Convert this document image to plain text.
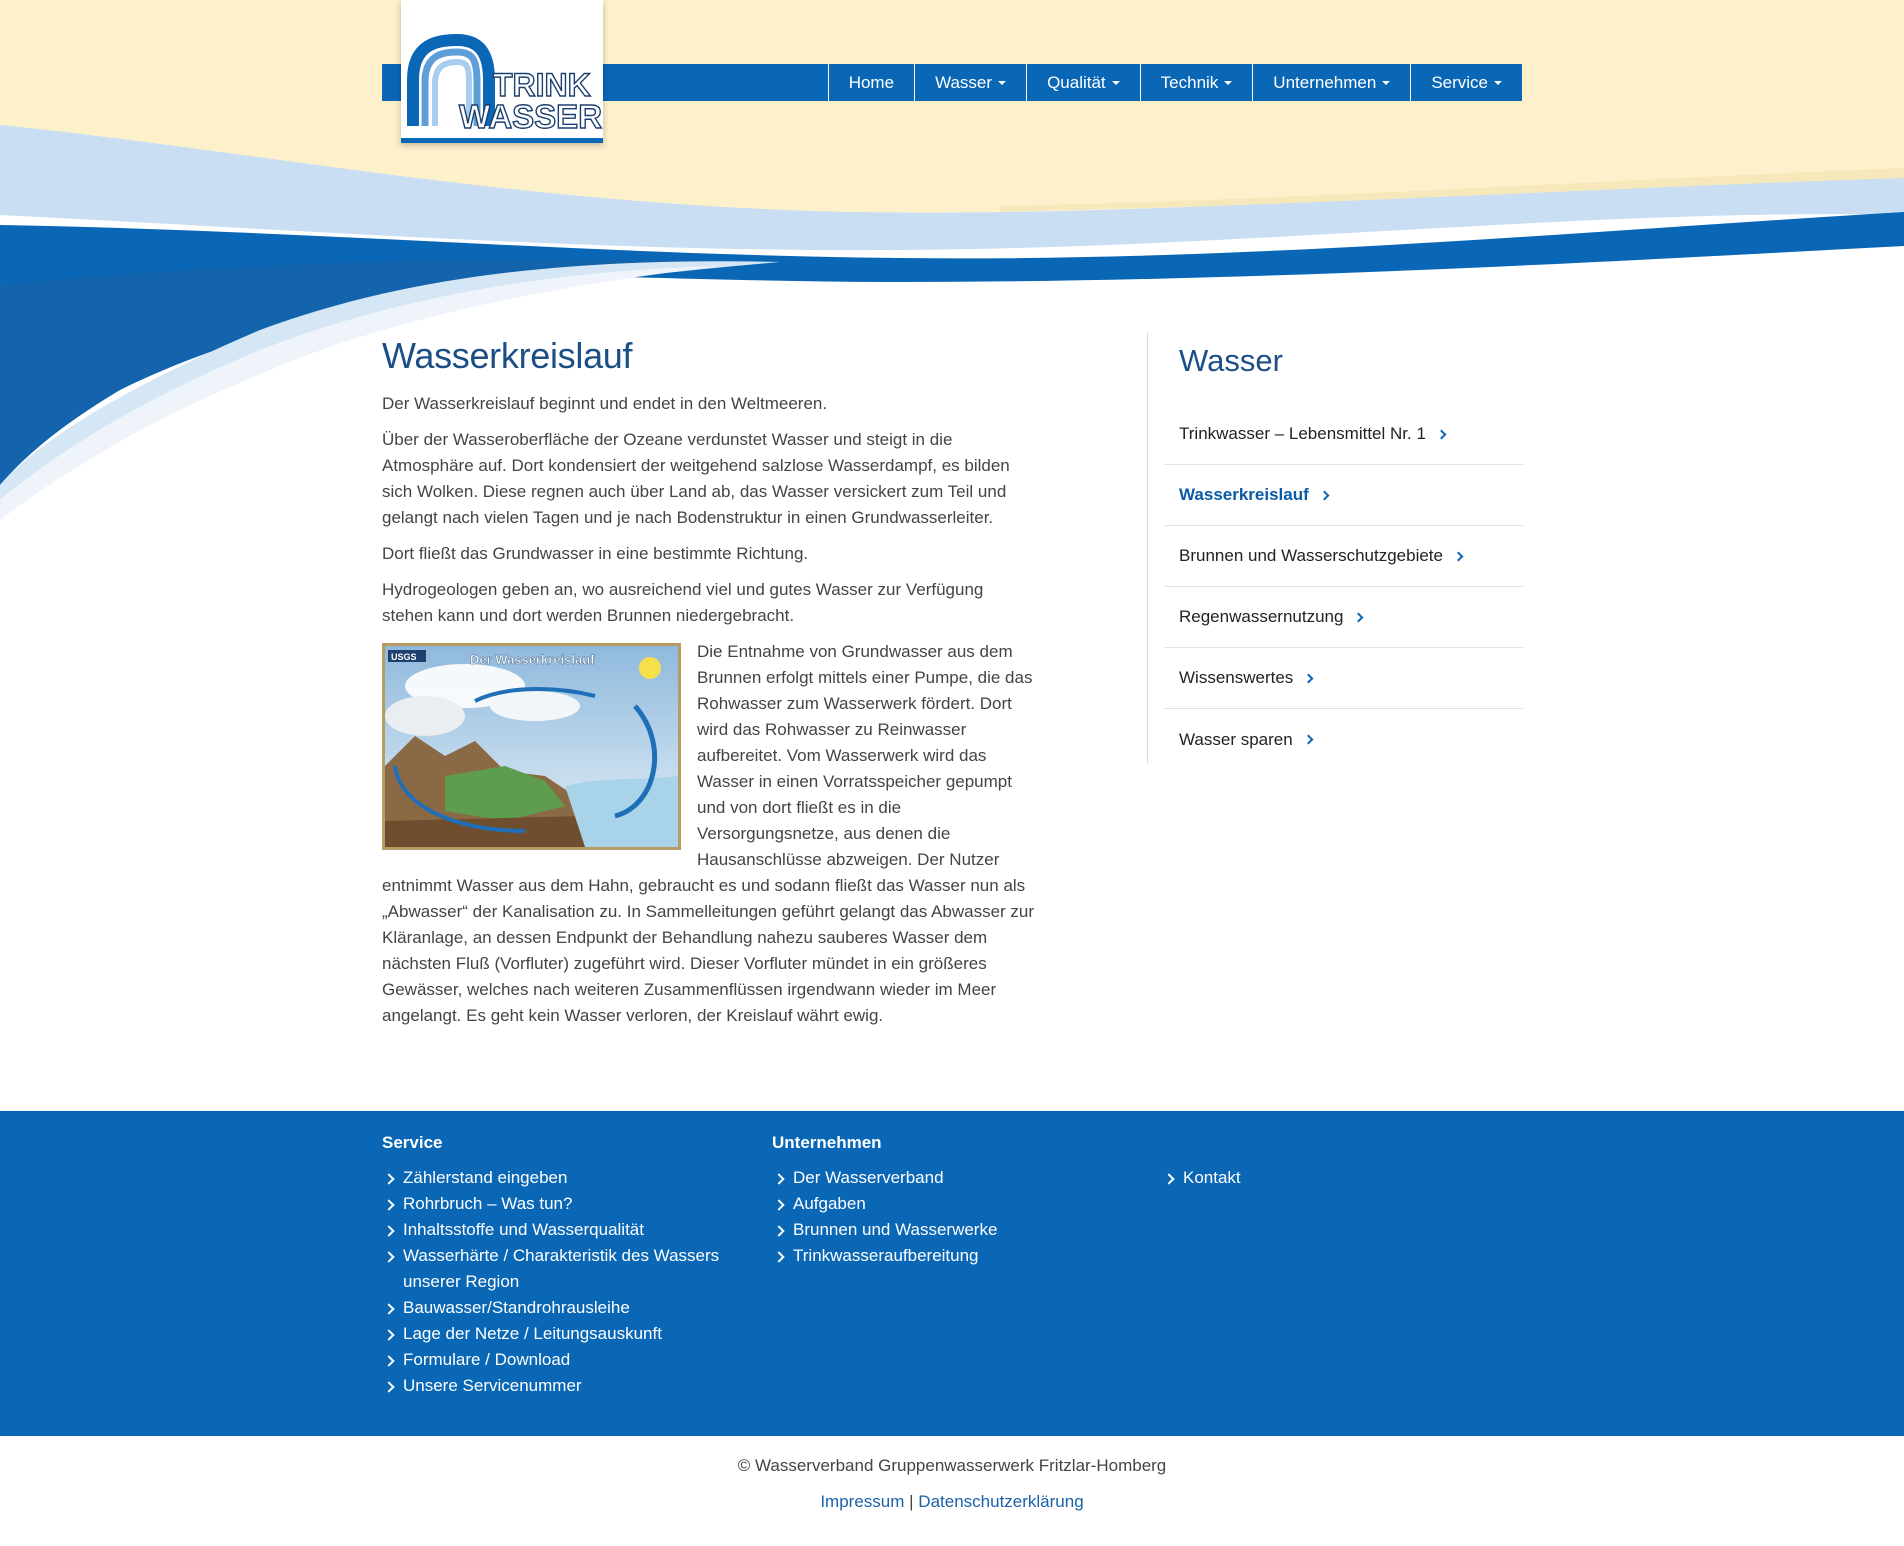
Home Wasser	Qualität	Technik	Unternehmen	Service
TRINK
WASSER
Wasserkreislauf

Der Wasserkreislauf beginnt und endet in den Weltmeeren.

Über der Wasseroberfläche der Ozeane verdunstet Wasser und steigt in die Atmosphäre auf. Dort kondensiert der weitgehend salzlose Wasserdampf, es bilden sich Wolken. Diese regnen auch über Land ab, das Wasser versickert zum Teil und gelangt nach vielen Tagen und je nach Bodenstruktur in einen Grundwasserleiter.

Dort fließt das Grundwasser in eine bestimmte Richtung.

Hydrogeologen geben an, wo ausreichend viel und gutes Wasser zur Verfügung stehen kann und dort werden Brunnen niedergebracht.

Der Wasserkreislauf
USGS	Die Entnahme von Grundwasser aus dem Brunnen erfolgt mittels einer Pumpe, die das Rohwasser zum Wasserwerk fördert. Dort wird das Rohwasser zu Reinwasser aufbereitet. Vom Wasserwerk wird das Wasser in einen Vorratsspeicher gepumpt und von dort fließt es in die Versorgungsnetze, aus denen die Hausanschlüsse abzweigen. Der Nutzer entnimmt Wasser aus dem Hahn, gebraucht es und sodann fließt das Wasser nun als „Abwasser“ der Kanalisation zu. In Sammelleitungen geführt gelangt das Abwasser zur Kläranlage, an dessen Endpunkt der Behandlung nahezu sauberes Wasser dem nächsten Fluß (Vorfluter) zugeführt wird. Dieser Vorfluter mündet in ein größeres Gewässer, welches nach weiteren Zusammenflüssen irgendwann wieder im Meer angelangt. Es geht kein Wasser verloren, der Kreislauf währt ewig.

Wasser
Trinkwasser – Lebensmittel Nr. 1
Wasserkreislauf
Brunnen und Wasserschutzgebiete
Regenwassernutzung
Wissenswertes
Wasser sparen
Service
Zählerstand eingeben
Rohrbruch – Was tun?
Inhaltsstoffe und Wasserqualität
Wasserhärte / Charakteristik des Wassers unserer Region
Bauwasser/Standrohrausleihe
Lage der Netze / Leitungsauskunft
Formulare / Download
Unsere Servicenummer
Unternehmen
Der Wasserverband
Aufgaben
Brunnen und Wasserwerke
Trinkwasseraufbereitung
Kontakt
© Wasserverband Gruppenwasserwerk Fritzlar-Homberg
Impressum | Datenschutzerklärung
